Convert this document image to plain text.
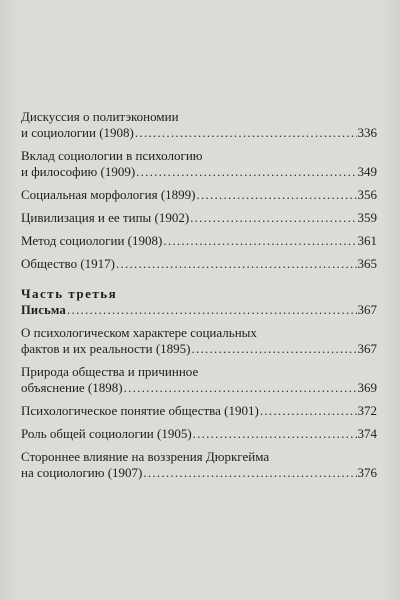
Дискуссия о политэкономии
и социологии (1908) . . .	336
Вклад социологии в психологию
и философию (1909) . . .	349
Социальная морфология (1899) . . .	356
Цивилизация и ее типы (1902) . . .	359
Метод социологии (1908) . . .	361
Общество (1917) . . .	365
Часть третья
Письма . . .	367
О психологическом характере социальных
фактов и их реальности (1895) . . .	367
Природа общества и причинное
объяснение (1898) . . .	369
Психологическое понятие общества (1901) . . .	372
Роль общей социологии (1905) . . .	374
Стороннее влияние на воззрения Дюркгейма
на социологию (1907) . . .	376
